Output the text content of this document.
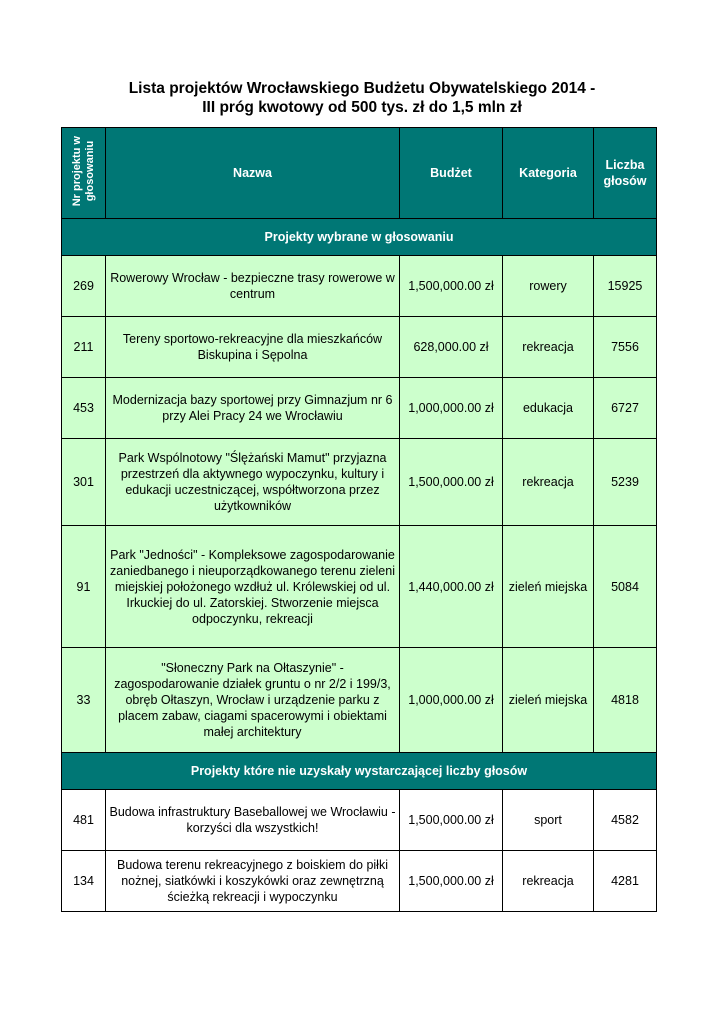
Lista projektów Wrocławskiego Budżetu Obywatelskiego 2014 -
III próg kwotowy od 500 tys. zł do 1,5 mln zł
Nr projektu w
głosowaniu	Nazwa	Budżet	Kategoria	Liczba
głosów
Projekty wybrane w głosowaniu				
269	Rowerowy Wrocław - bezpieczne trasy rowerowe w centrum	1,500,000.00 zł	rowery	15925
211	Tereny sportowo-rekreacyjne dla mieszkańców Biskupina i Sępolna	628,000.00 zł	rekreacja	7556
453	Modernizacja bazy sportowej przy Gimnazjum nr 6 przy Alei Pracy 24 we Wrocławiu	1,000,000.00 zł	edukacja	6727
301	Park Wspólnotowy "Ślężański Mamut" przyjazna przestrzeń dla aktywnego wypoczynku, kultury i edukacji uczestniczącej, współtworzona przez użytkowników	1,500,000.00 zł	rekreacja	5239
91	Park "Jedności" - Kompleksowe zagospodarowanie zaniedbanego i nieuporządkowanego terenu zieleni miejskiej położonego wzdłuż ul. Królewskiej od ul. Irkuckiej do ul. Zatorskiej. Stworzenie miejsca odpoczynku, rekreacji	1,440,000.00 zł	zieleń miejska	5084
33	"Słoneczny Park na Ołtaszynie" - zagospodarowanie działek gruntu o nr 2/2 i 199/3, obręb Ołtaszyn, Wrocław i urządzenie parku z placem zabaw, ciagami spacerowymi i obiektami małej architektury	1,000,000.00 zł	zieleń miejska	4818
Projekty które nie uzyskały wystarczającej liczby głosów				
481	Budowa infrastruktury Baseballowej we Wrocławiu - korzyści dla wszystkich!	1,500,000.00 zł	sport	4582
134	Budowa terenu rekreacyjnego z boiskiem do piłki nożnej, siatkówki i koszykówki oraz zewnętrzną ścieżką rekreacji i wypoczynku	1,500,000.00 zł	rekreacja	4281
